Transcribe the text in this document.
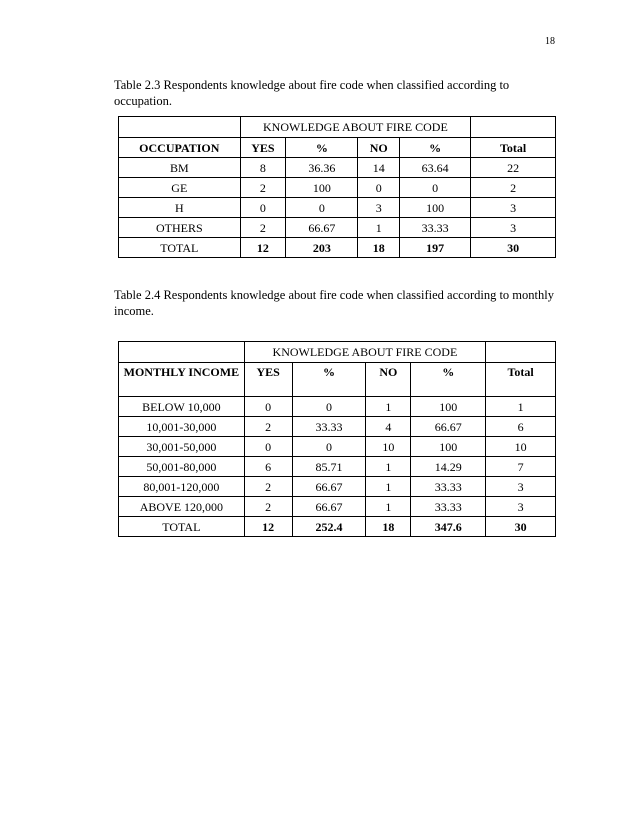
18
Table 2.3 Respondents knowledge about fire code when classified according to occupation.
	KNOWLEDGE ABOUT FIRE CODE				
OCCUPATION	YES	%	NO	%	Total
BM	8	36.36	14	63.64	22
GE	2	100	0	0	2
H	0	0	3	100	3
OTHERS	2	66.67	1	33.33	3
TOTAL	12	203	18	197	30
Table 2.4 Respondents knowledge about fire code when classified according to monthly income.
	KNOWLEDGE ABOUT FIRE CODE				
MONTHLY INCOME	YES	%	NO	%	Total
BELOW 10,000	0	0	1	100	1
10,001-30,000	2	33.33	4	66.67	6
30,001-50,000	0	0	10	100	10
50,001-80,000	6	85.71	1	14.29	7
80,001-120,000	2	66.67	1	33.33	3
ABOVE 120,000	2	66.67	1	33.33	3
TOTAL	12	252.4	18	347.6	30
